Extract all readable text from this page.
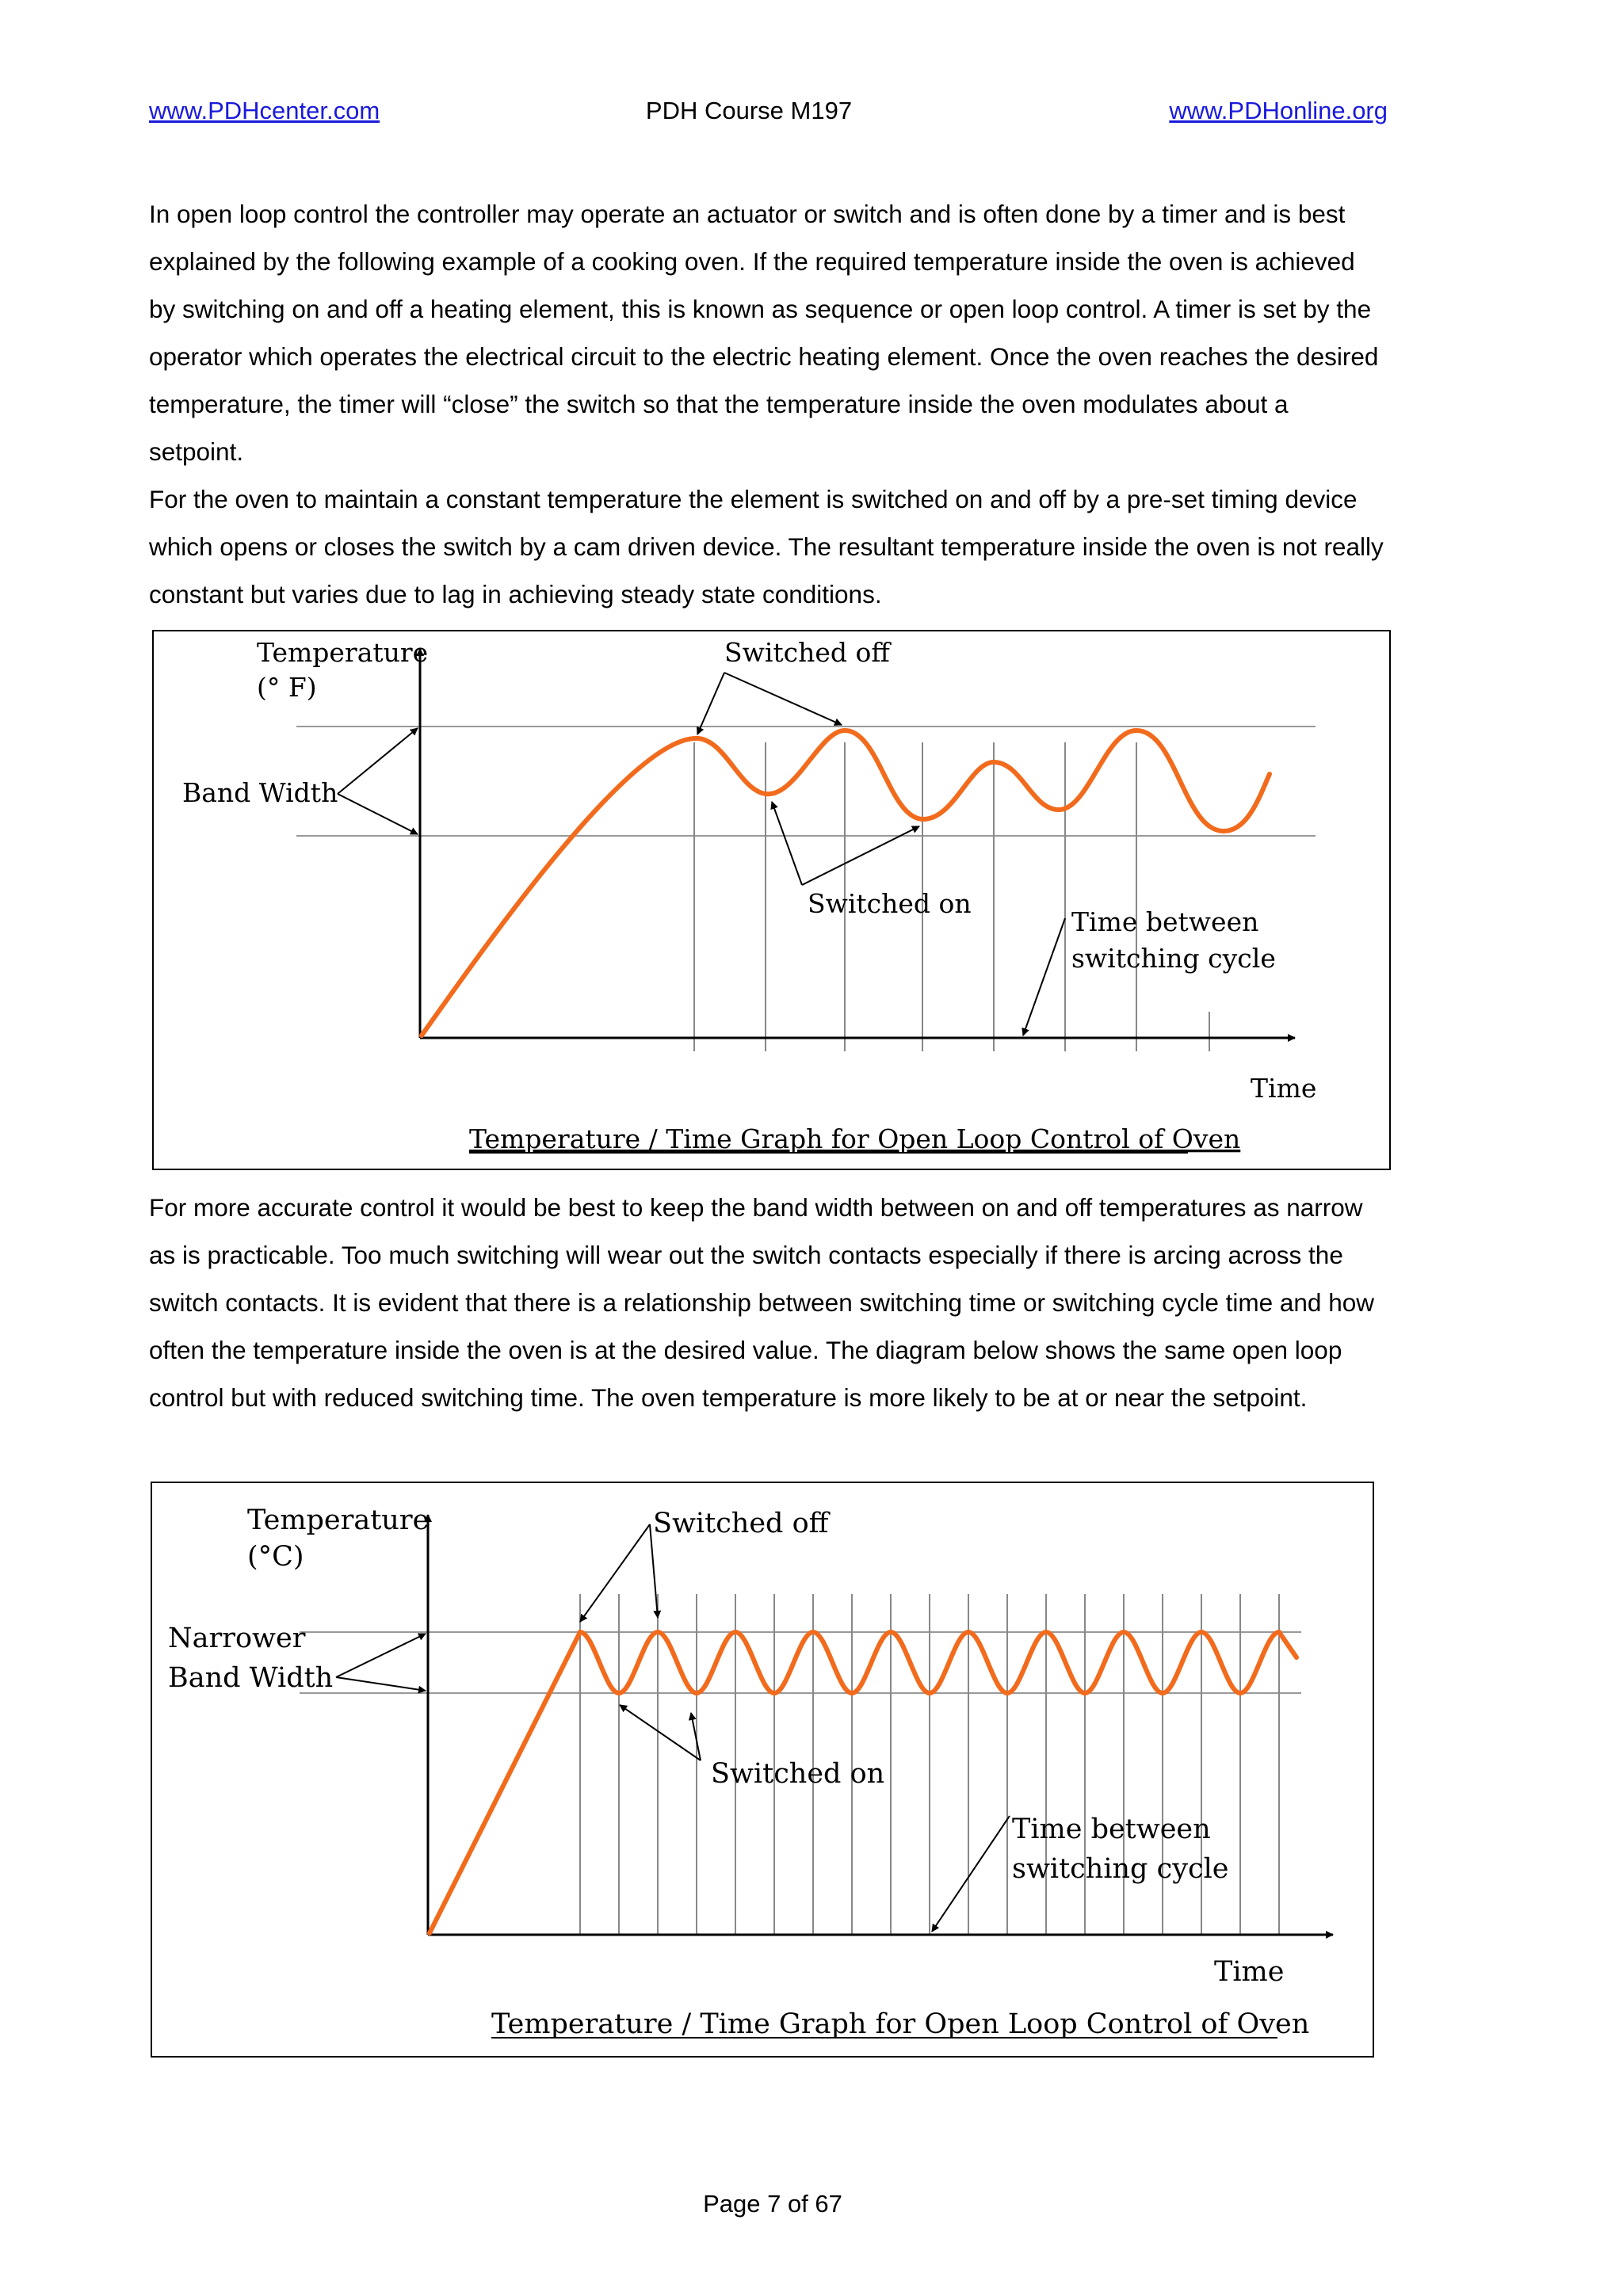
www.PDHcenter.com	PDH Course M197	www.PDHonline.org

In open loop control the controller may operate an actuator or switch and is often done by a timer and is best explained by the following example of a cooking oven. If the required temperature inside the oven is achieved by switching on and off a heating element, this is known as sequence or open loop control. A timer is set by the operator which operates the electrical circuit to the electric heating element. Once the oven reaches the desired temperature, the timer will “close” the switch so that the temperature inside the oven modulates about a setpoint.

For the oven to maintain a constant temperature the element is switched on and off by a pre-set timing device which opens or closes the switch by a cam driven device. The resultant temperature inside the oven is not really constant but varies due to lag in achieving steady state conditions.

Temperature
(° F)
Band Width
Switched off
Switched on
Time between
switching cycle
Time
Temperature / Time Graph for Open Loop Control of Oven

For more accurate control it would be best to keep the band width between on and off temperatures as narrow as is practicable. Too much switching will wear out the switch contacts especially if there is arcing across the switch contacts. It is evident that there is a relationship between switching time or switching cycle time and how often the temperature inside the oven is at the desired value. The diagram below shows the same open loop control but with reduced switching time. The oven temperature is more likely to be at or near the setpoint.

Temperature
(°C)
Narrower
Band Width
Switched off
Switched on
Time between
switching cycle
Time
Temperature / Time Graph for Open Loop Control of Oven
Page 7 of 67
